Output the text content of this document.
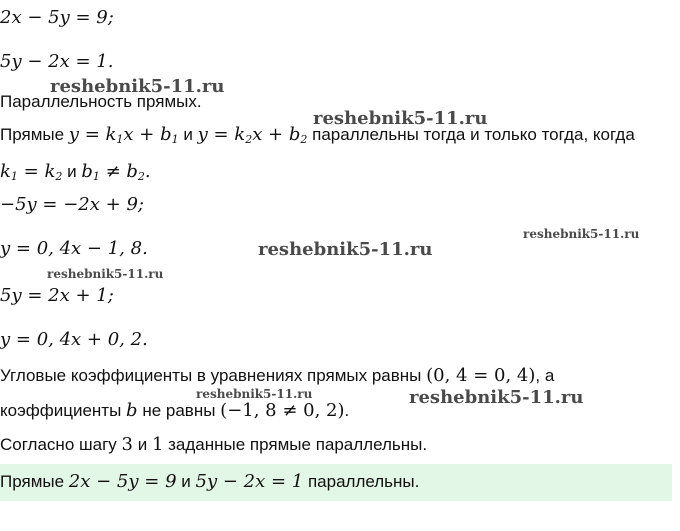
2x − 5y = 9;
5y − 2x = 1.
Параллельность прямых.
Прямые $y = k_1x + b_1$ и $y = k_2x + b_2$ параллельны тогда и только тогда, когда
$k_1 = k_2$ и $b_1 \ne b_2$.
−5y = −2x + 9;
y = 0, 4x − 1, 8.
5y = 2x + 1;
y = 0, 4x + 0, 2.
Угловые коэффициенты в уравнениях прямых равны (0, 4 = 0, 4), а
коэффициенты b не равны (−1, 8 ≠ 0, 2).
Согласно шагу 3 и 1 заданные прямые параллельны.
Прямые 2x − 5y = 9 и 5y − 2x = 1 параллельны.
reshebnik5-11.ru
reshebnik5-11.ru
reshebnik5-11.ru
reshebnik5-11.ru
reshebnik5-11.ru
reshebnik5-11.ru	reshebnik5-11.ru
